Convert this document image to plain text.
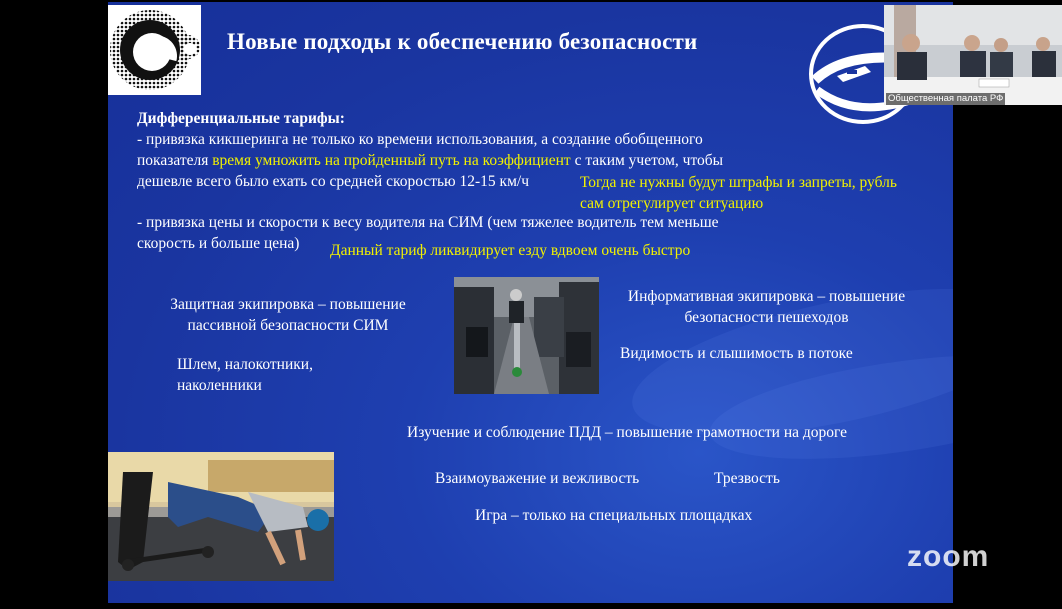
Новые подходы к обеспечению безопасности
Дифференциальные тарифы:
- привязка кикшеринга не только ко времени использования, а создание обобщенного
показателя время умножить на пройденный путь на коэффициент с таким учетом, чтобы
дешевле всего было ехать со средней скоростью 12-15 км/ч	Тогда не нужны будут штрафы и запреты, рубль
сам отрегулирует ситуацию
- привязка цены и скорости к весу водителя на СИМ (чем тяжелее водитель тем меньше
скорость и больше цена) Данный тариф ликвидирует езду вдвоем очень быстро
Защитная экипировка – повышение
пассивной безопасности СИМ
Шлем, налокотники,
наколенники
Информативная экипировка – повышение
безопасности пешеходов
Видимость и слышимость в потоке
Изучение и соблюдение ПДД – повышение грамотности на дороге
Взаимоуважение и вежливость	Трезвость
Игра – только на специальных площадках
zoom
Общественная палата РФ
